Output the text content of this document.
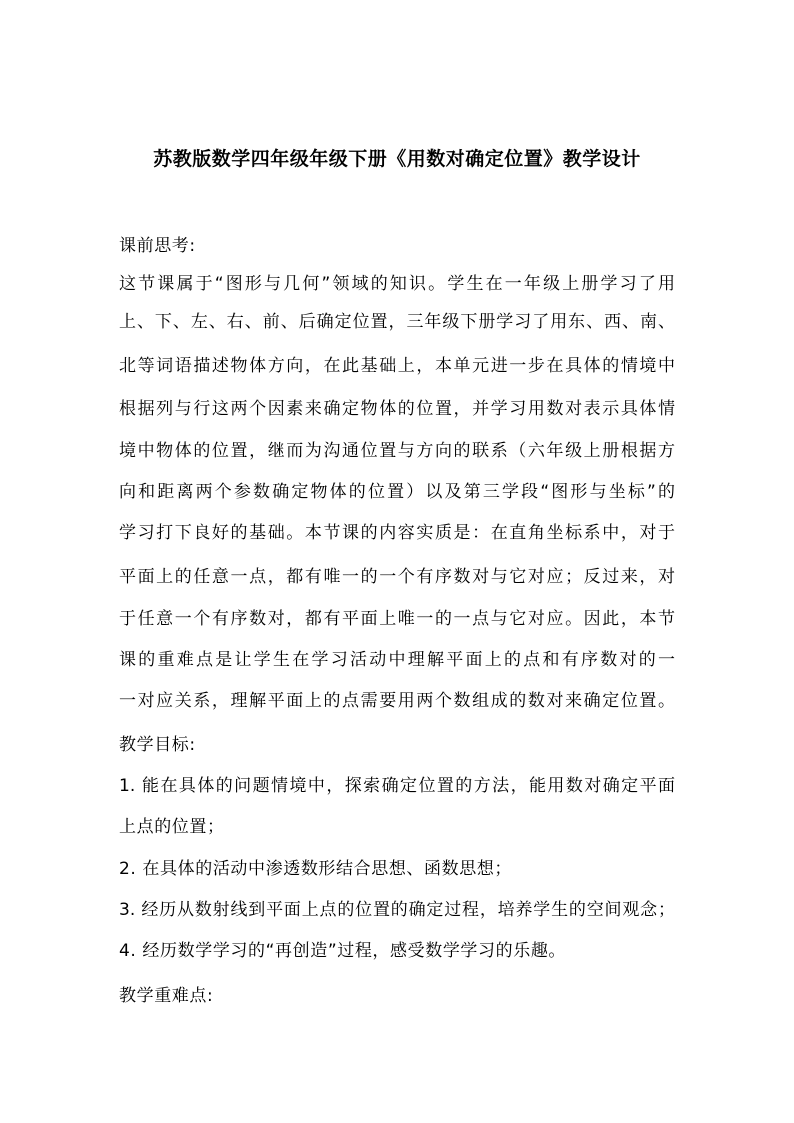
苏教版数学四年级年级下册《用数对确定位置》教学设计
课前思考:
这节课属于“图形与几何”领域的知识。学生在一年级上册学习了用
上、下、左、右、前、后确定位置，三年级下册学习了用东、西、南、
北等词语描述物体方向，在此基础上，本单元进一步在具体的情境中
根据列与行这两个因素来确定物体的位置，并学习用数对表示具体情
境中物体的位置，继而为沟通位置与方向的联系（六年级上册根据方
向和距离两个参数确定物体的位置）以及第三学段“图形与坐标”的
学习打下良好的基础。本节课的内容实质是：在直角坐标系中，对于
平面上的任意一点，都有唯一的一个有序数对与它对应；反过来，对
于任意一个有序数对，都有平面上唯一的一点与它对应。因此，本节
课的重难点是让学生在学习活动中理解平面上的点和有序数对的一
一对应关系，理解平面上的点需要用两个数组成的数对来确定位置。
教学目标:
1. 能在具体的问题情境中，探索确定位置的方法，能用数对确定平面
上点的位置；
2. 在具体的活动中渗透数形结合思想、函数思想；
3. 经历从数射线到平面上点的位置的确定过程，培养学生的空间观念；
4. 经历数学学习的“再创造”过程，感受数学学习的乐趣。
教学重难点:
